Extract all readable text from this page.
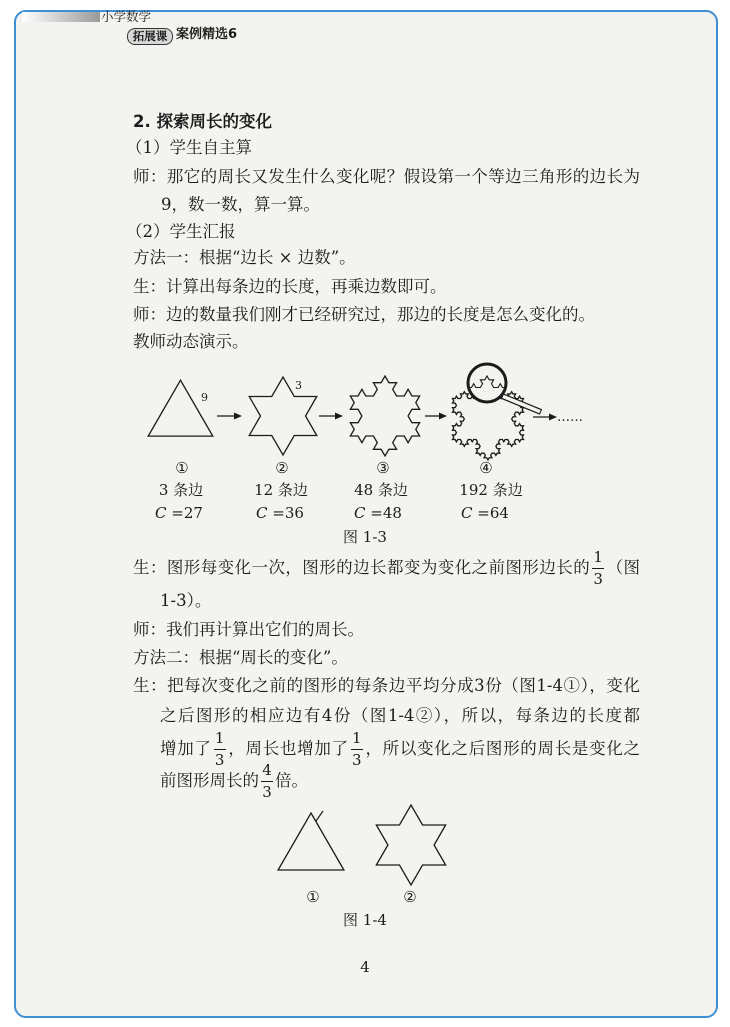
小学数学
拓展课 案例精选6
……
9
3
2. 探索周长的变化
（1）学生自主算
师：那它的周长又发生什么变化呢？假设第一个等边三角形的边长为
9，数一数，算一算。
（2）学生汇报
方法一：根据“边长 × 边数”。
生：计算出每条边的长度，再乘边数即可。
师：边的数量我们刚才已经研究过，那边的长度是怎么变化的。
教师动态演示。
①	②	③	④
3 条边	12 条边	48 条边	192 条边
C =27	C =36	C =48	C =64
图 1-3
生：图形每变化一次，图形的边长都变为变化之前图形边长的 $\frac{1}{3}$ （图
1-3）。
师：我们再计算出它们的周长。
方法二：根据“周长的变化”。
生：把每次变化之前的图形的每条边平均分成3份（图1-4①），变化
之后图形的相应边有4份（图1-4②），所以，每条边的长度都
增加了 $\frac{1}{3}$ ，周长也增加了 $\frac{1}{3}$ ，所以变化之后图形的周长是变化之
前图形周长的 $\frac{4}{3}$ 倍。
①	②
图 1-4
4
